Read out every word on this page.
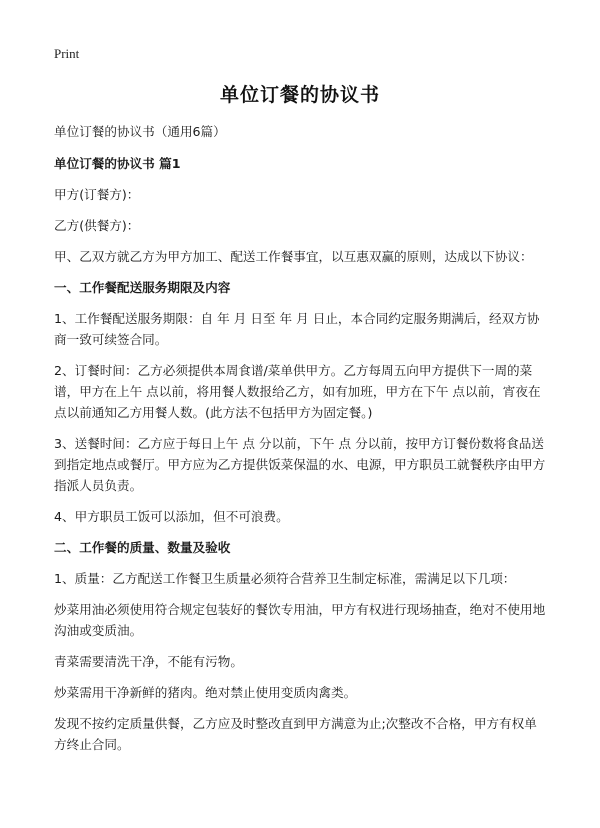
Print
单位订餐的协议书

单位订餐的协议书（通用6篇）

单位订餐的协议书 篇1

甲方(订餐方)：

乙方(供餐方)：

甲、乙双方就乙方为甲方加工、配送工作餐事宜，以互惠双赢的原则，达成以下协议：

一、工作餐配送服务期限及内容

1、工作餐配送服务期限：自 年 月 日至 年 月 日止，本合同约定服务期满后，经双方协商一致可续签合同。

2、订餐时间：乙方必须提供本周食谱/菜单供甲方。乙方每周五向甲方提供下一周的菜谱，甲方在上午 点以前，将用餐人数报给乙方，如有加班，甲方在下午 点以前，宵夜在 点以前通知乙方用餐人数。(此方法不包括甲方为固定餐。)

3、送餐时间：乙方应于每日上午 点 分以前，下午 点 分以前，按甲方订餐份数将食品送到指定地点或餐厅。甲方应为乙方提供饭菜保温的水、电源，甲方职员工就餐秩序由甲方指派人员负责。

4、甲方职员工饭可以添加，但不可浪费。

二、工作餐的质量、数量及验收

1、质量：乙方配送工作餐卫生质量必须符合营养卫生制定标准，需满足以下几项：

炒菜用油必须使用符合规定包装好的餐饮专用油，甲方有权进行现场抽查，绝对不使用地沟油或变质油。

青菜需要清洗干净，不能有污物。

炒菜需用干净新鲜的猪肉。绝对禁止使用变质肉禽类。

发现不按约定质量供餐，乙方应及时整改直到甲方满意为止;次整改不合格，甲方有权单方终止合同。
